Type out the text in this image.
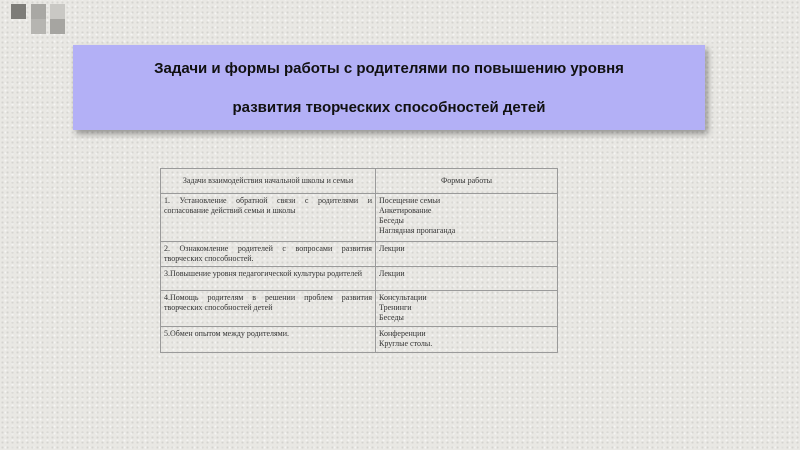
Задачи и формы работы с родителями по повышению уровня
развития творческих способностей детей
Задачи взаимодействия начальной школы и семьи	Формы работы
1. Установление обратной связи с родителями и согласование действий семьи и школы	Посещение семьи
Анкетирование
Беседы
Наглядная пропаганда

2. Ознакомление родителей с вопросами развития творческих способностей.	Лекции

3.Повышение уровня педагогической культуры родителей	Лекции

4.Помощь родителям в решении проблем развития творческих способностей детей	Консультации
Тренинги
Беседы

5.Обмен опытом между родителями.	Конференции
Круглые столы.
